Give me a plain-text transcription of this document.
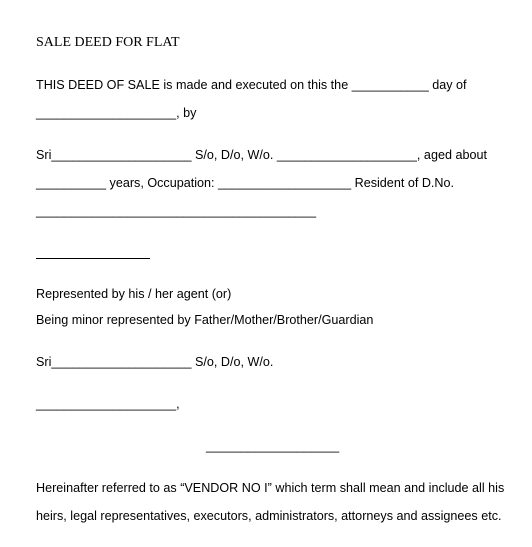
SALE DEED FOR FLAT
THIS DEED OF SALE is made and executed on this the ___________ day of
____________________, by
Sri____________________ S/o, D/o, W/o. ____________________, aged about
__________ years, Occupation: ___________________ Resident of D.No.
________________________________________
Represented by his / her agent (or)
Being minor represented by Father/Mother/Brother/Guardian
Sri____________________ S/o, D/o, W/o.
____________________,
___________________
Hereinafter referred to as “VENDOR NO I” which term shall mean and include all his
heirs, legal representatives, executors, administrators, attorneys and assignees etc.
